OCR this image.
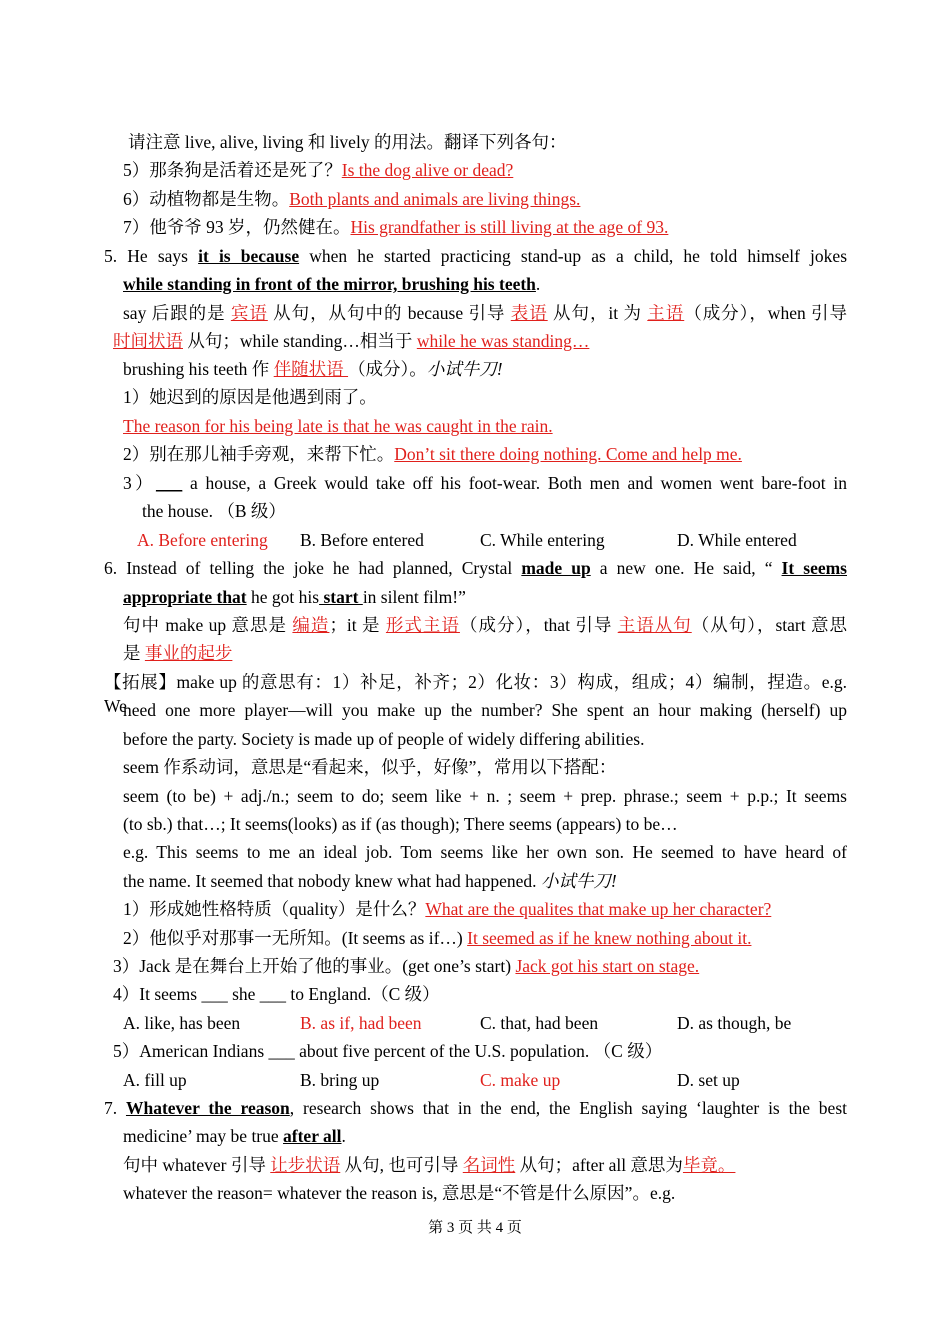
请注意 live, alive, living 和 lively 的用法。翻译下列各句：
5）那条狗是活着还是死了？Is the dog alive or dead?
6）动植物都是生物。Both plants and animals are living things.
7）他爷爷 93 岁，仍然健在。His grandfather is still living at the age of 93.
5. He says it is because when he started practicing stand-up as a child, he told himself jokes
while standing in front of the mirror, brushing his teeth.
say 后跟的是 宾语 从句，从句中的 because 引导 表语 从句，it 为 主语（成分），when 引导
时间状语 从句；while standing…相当于 while he was standing…
brushing his teeth 作 伴随状语 （成分）。小试牛刀!
1）她迟到的原因是他遇到雨了。
The reason for his being late is that he was caught in the rain.
2）别在那儿袖手旁观，来帮下忙。Don’t sit there doing nothing. Come and help me.
3）___ a house, a Greek would take off his foot-wear. Both men and women went bare-foot in
the house. （B 级）
A. Before entering B. Before entered	C. While entering	D. While entered
6. Instead of telling the joke he had planned, Crystal made up a new one. He said, “ It seems
appropriate that he got his start in silent film!”
句中 make up 意思是 编造；it 是 形式主语（成分），that 引导 主语从句（从句），start 意思
是 事业的起步
【拓展】make up 的意思有：1）补足，补齐；2）化妆：3）构成，组成；4）编制，捏造。e.g. We
need one more player—will you make up the number? She spent an hour making (herself) up
before the party. Society is made up of people of widely differing abilities.
seem 作系动词，意思是“看起来，似乎，好像”，常用以下搭配：
seem (to be) + adj./n.; seem to do; seem like + n. ; seem + prep. phrase.; seem + p.p.; It seems
(to sb.) that…; It seems(looks) as if (as though); There seems (appears) to be…
e.g. This seems to me an ideal job. Tom seems like her own son. He seemed to have heard of
the name. It seemed that nobody knew what had happened. 小试牛刀!
1）形成她性格特质（quality）是什么？What are the qualites that make up her character?
2）他似乎对那事一无所知。(It seems as if…) It seemed as if he knew nothing about it.
3）Jack 是在舞台上开始了他的事业。(get one’s start) Jack got his start on stage.
4）It seems ___ she ___ to England.（C 级）
A. like, has been	B. as if, had been	C. that, had been	D. as though, be
5）American Indians ___ about five percent of the U.S. population. （C 级）
A. fill up	B. bring up	C. make up	D. set up
7. Whatever the reason, research shows that in the end, the English saying ‘laughter is the best
medicine’ may be true after all.
句中 whatever 引导 让步状语 从句, 也可引导 名词性 从句；after all 意思为毕竟。
whatever the reason= whatever the reason is, 意思是“不管是什么原因”。e.g.
第 3 页 共 4 页
